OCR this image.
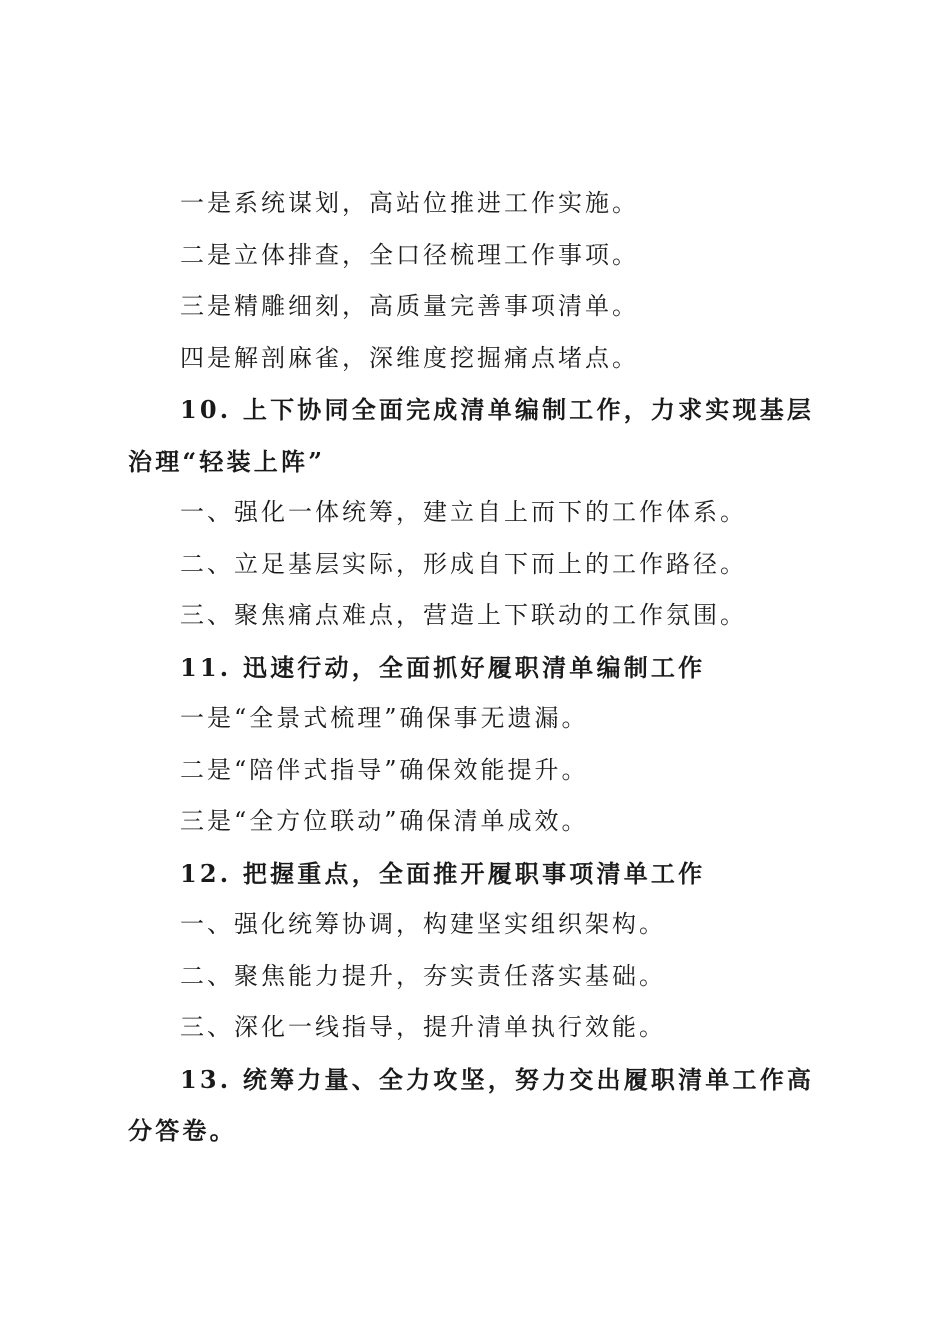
一是系统谋划，高站位推进工作实施。

二是立体排查，全口径梳理工作事项。

三是精雕细刻，高质量完善事项清单。

四是解剖麻雀，深维度挖掘痛点堵点。

10. 上下协同全面完成清单编制工作，力求实现基层治理“轻装上阵”

一、强化一体统筹，建立自上而下的工作体系。

二、立足基层实际，形成自下而上的工作路径。

三、聚焦痛点难点，营造上下联动的工作氛围。

11. 迅速行动，全面抓好履职清单编制工作

一是“全景式梳理”确保事无遗漏。

二是“陪伴式指导”确保效能提升。

三是“全方位联动”确保清单成效。

12. 把握重点，全面推开履职事项清单工作

一、强化统筹协调，构建坚实组织架构。

二、聚焦能力提升，夯实责任落实基础。

三、深化一线指导，提升清单执行效能。

13. 统筹力量、全力攻坚，努力交出履职清单工作高分答卷。
